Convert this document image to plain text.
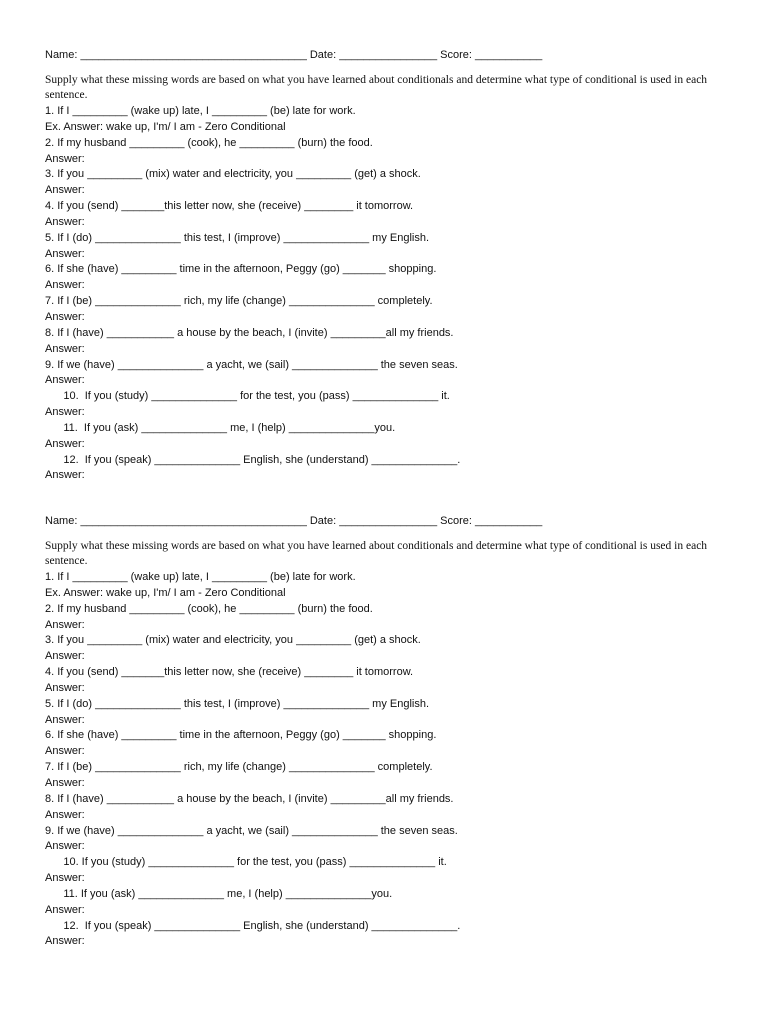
Name: _____________________________________ Date: ________________ Score: ___________
Supply what these missing words are based on what you have learned about conditionals and determine what type of conditional is used in each sentence.
1. If I _________ (wake up) late, I _________ (be) late for work.
Ex. Answer: wake up, I'm/ I am - Zero Conditional
2. If my husband _________ (cook), he _________ (burn) the food.
Answer:
3. If you _________ (mix) water and electricity, you _________ (get) a shock.
Answer:
4. If you (send) _______this letter now, she (receive) ________ it tomorrow.
Answer:
5. If I (do) ______________ this test, I (improve) ______________ my English.
Answer:
6. If she (have) _________ time in the afternoon, Peggy (go) _______ shopping.
Answer:
7. If I (be) ______________ rich, my life (change) ______________ completely.
Answer:
8. If I (have) ___________ a house by the beach, I (invite) _________all my friends.
Answer:
9. If we (have) ______________ a yacht, we (sail) ______________ the seven seas.
Answer:
10.  If you (study) ______________ for the test, you (pass) ______________ it.
Answer:
11.  If you (ask) ______________ me, I (help) ______________you.
Answer:
12.  If you (speak) ______________ English, she (understand) ______________.
Answer:
Name: _____________________________________ Date: ________________ Score: ___________
Supply what these missing words are based on what you have learned about conditionals and determine what type of conditional is used in each sentence.
1. If I _________ (wake up) late, I _________ (be) late for work.
Ex. Answer: wake up, I'm/ I am - Zero Conditional
2. If my husband _________ (cook), he _________ (burn) the food.
Answer:
3. If you _________ (mix) water and electricity, you _________ (get) a shock.
Answer:
4. If you (send) _______this letter now, she (receive) ________ it tomorrow.
Answer:
5. If I (do) ______________ this test, I (improve) ______________ my English.
Answer:
6. If she (have) _________ time in the afternoon, Peggy (go) _______ shopping.
Answer:
7. If I (be) ______________ rich, my life (change) ______________ completely.
Answer:
8. If I (have) ___________ a house by the beach, I (invite) _________all my friends.
Answer:
9. If we (have) ______________ a yacht, we (sail) ______________ the seven seas.
Answer:
10. If you (study) ______________ for the test, you (pass) ______________ it.
Answer:
11. If you (ask) ______________ me, I (help) ______________you.
Answer:
12.  If you (speak) ______________ English, she (understand) ______________.
Answer:
